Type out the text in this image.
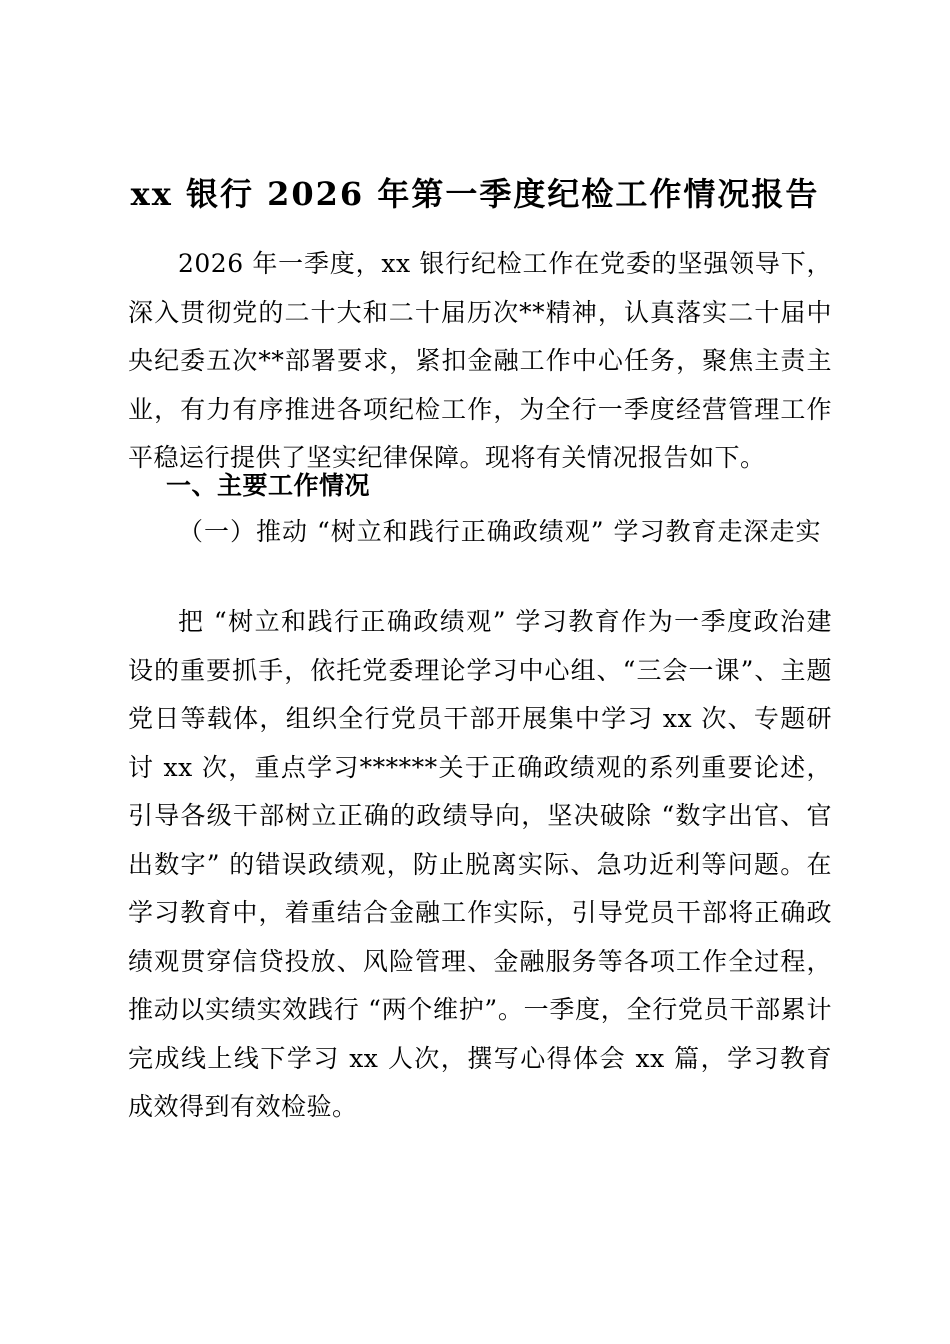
xx 银行 2026 年第一季度纪检工作情况报告
2026 年一季度，xx 银行纪检工作在党委的坚强领导下，深入贯彻党的二十大和二十届历次**精神，认真落实二十届中央纪委五次**部署要求，紧扣金融工作中心任务，聚焦主责主业，有力有序推进各项纪检工作，为全行一季度经营管理工作平稳运行提供了坚实纪律保障。现将有关情况报告如下。
一、主要工作情况
（一）推动 “树立和践行正确政绩观” 学习教育走深走实
把 “树立和践行正确政绩观” 学习教育作为一季度政治建设的重要抓手，依托党委理论学习中心组、“三会一课”、主题党日等载体，组织全行党员干部开展集中学习 xx 次、专题研讨 xx 次，重点学习******关于正确政绩观的系列重要论述，引导各级干部树立正确的政绩导向，坚决破除 “数字出官、官出数字” 的错误政绩观，防止脱离实际、急功近利等问题。在学习教育中，着重结合金融工作实际，引导党员干部将正确政绩观贯穿信贷投放、风险管理、金融服务等各项工作全过程，推动以实绩实效践行 “两个维护”。一季度，全行党员干部累计完成线上线下学习 xx 人次，撰写心得体会 xx 篇，学习教育成效得到有效检验。
